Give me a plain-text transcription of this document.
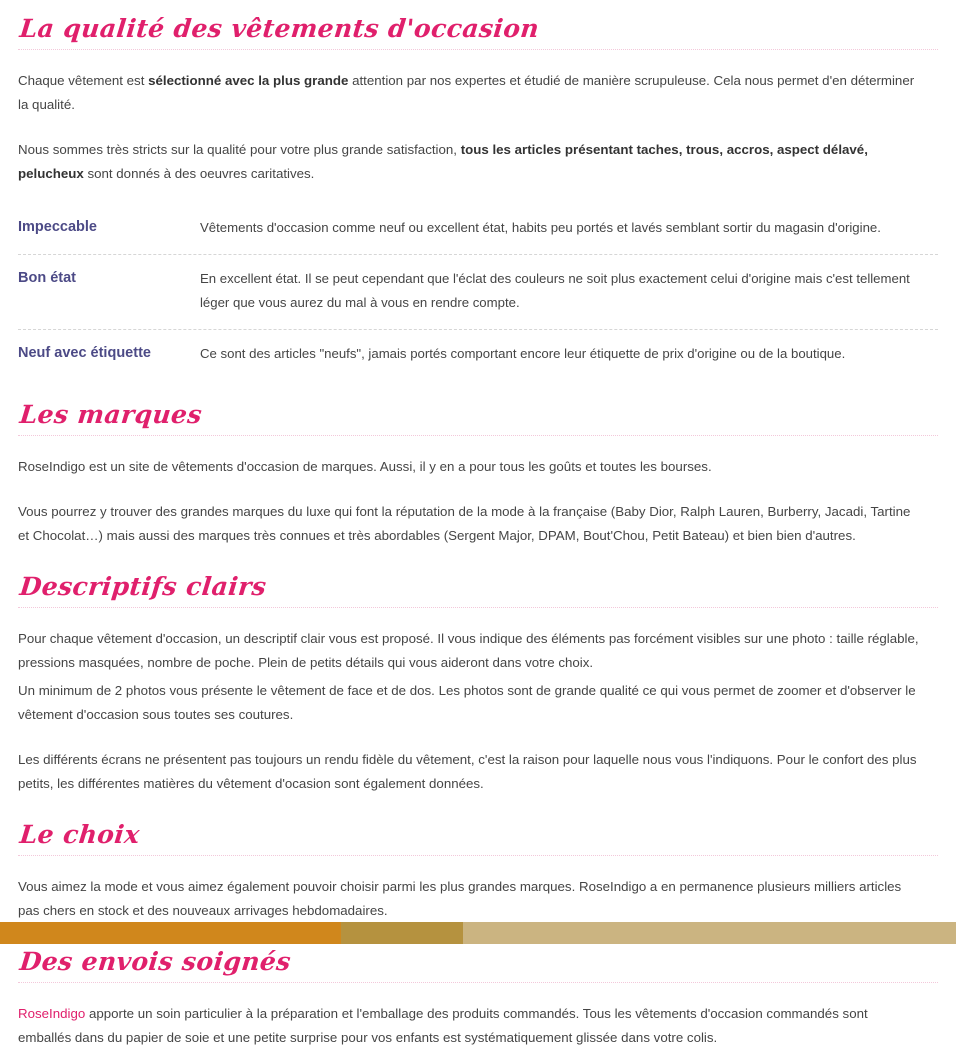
La qualité des vêtements d'occasion

Chaque vêtement est sélectionné avec la plus grande attention par nos expertes et étudié de manière scrupuleuse. Cela nous permet d'en déterminer la qualité.

Nous sommes très stricts sur la qualité pour votre plus grande satisfaction, tous les articles présentant taches, trous, accros, aspect délavé, pelucheux sont donnés à des oeuvres caritatives.

Impeccable	Vêtements d'occasion comme neuf ou excellent état, habits peu portés et lavés semblant sortir du magasin d'origine.
Bon état	En excellent état. Il se peut cependant que l'éclat des couleurs ne soit plus exactement celui d'origine mais c'est tellement léger que vous aurez du mal à vous en rendre compte.
Neuf avec étiquette	Ce sont des articles "neufs", jamais portés comportant encore leur étiquette de prix d'origine ou de la boutique.
Les marques

RoseIndigo est un site de vêtements d'occasion de marques. Aussi, il y en a pour tous les goûts et toutes les bourses.

Vous pourrez y trouver des grandes marques du luxe qui font la réputation de la mode à la française (Baby Dior, Ralph Lauren, Burberry, Jacadi, Tartine et Chocolat…) mais aussi des marques très connues et très abordables (Sergent Major, DPAM, Bout'Chou, Petit Bateau) et bien bien d'autres.

Descriptifs clairs

Pour chaque vêtement d'occasion, un descriptif clair vous est proposé. Il vous indique des éléments pas forcément visibles sur une photo : taille réglable, pressions masquées, nombre de poche. Plein de petits détails qui vous aideront dans votre choix.

Un minimum de 2 photos vous présente le vêtement de face et de dos. Les photos sont de grande qualité ce qui vous permet de zoomer et d'observer le vêtement d'occasion sous toutes ses coutures.

Les différents écrans ne présentent pas toujours un rendu fidèle du vêtement, c'est la raison pour laquelle nous vous l'indiquons. Pour le confort des plus petits, les différentes matières du vêtement d'ocasion sont également données.

Le choix

Vous aimez la mode et vous aimez également pouvoir choisir parmi les plus grandes marques. RoseIndigo a en permanence plusieurs milliers articles pas chers en stock et des nouveaux arrivages hebdomadaires.

Des envois soignés

RoseIndigo apporte un soin particulier à la préparation et l'emballage des produits commandés. Tous les vêtements d'occasion commandés sont emballés dans du papier de soie et une petite surprise pour vos enfants est systématiquement glissée dans votre colis.
